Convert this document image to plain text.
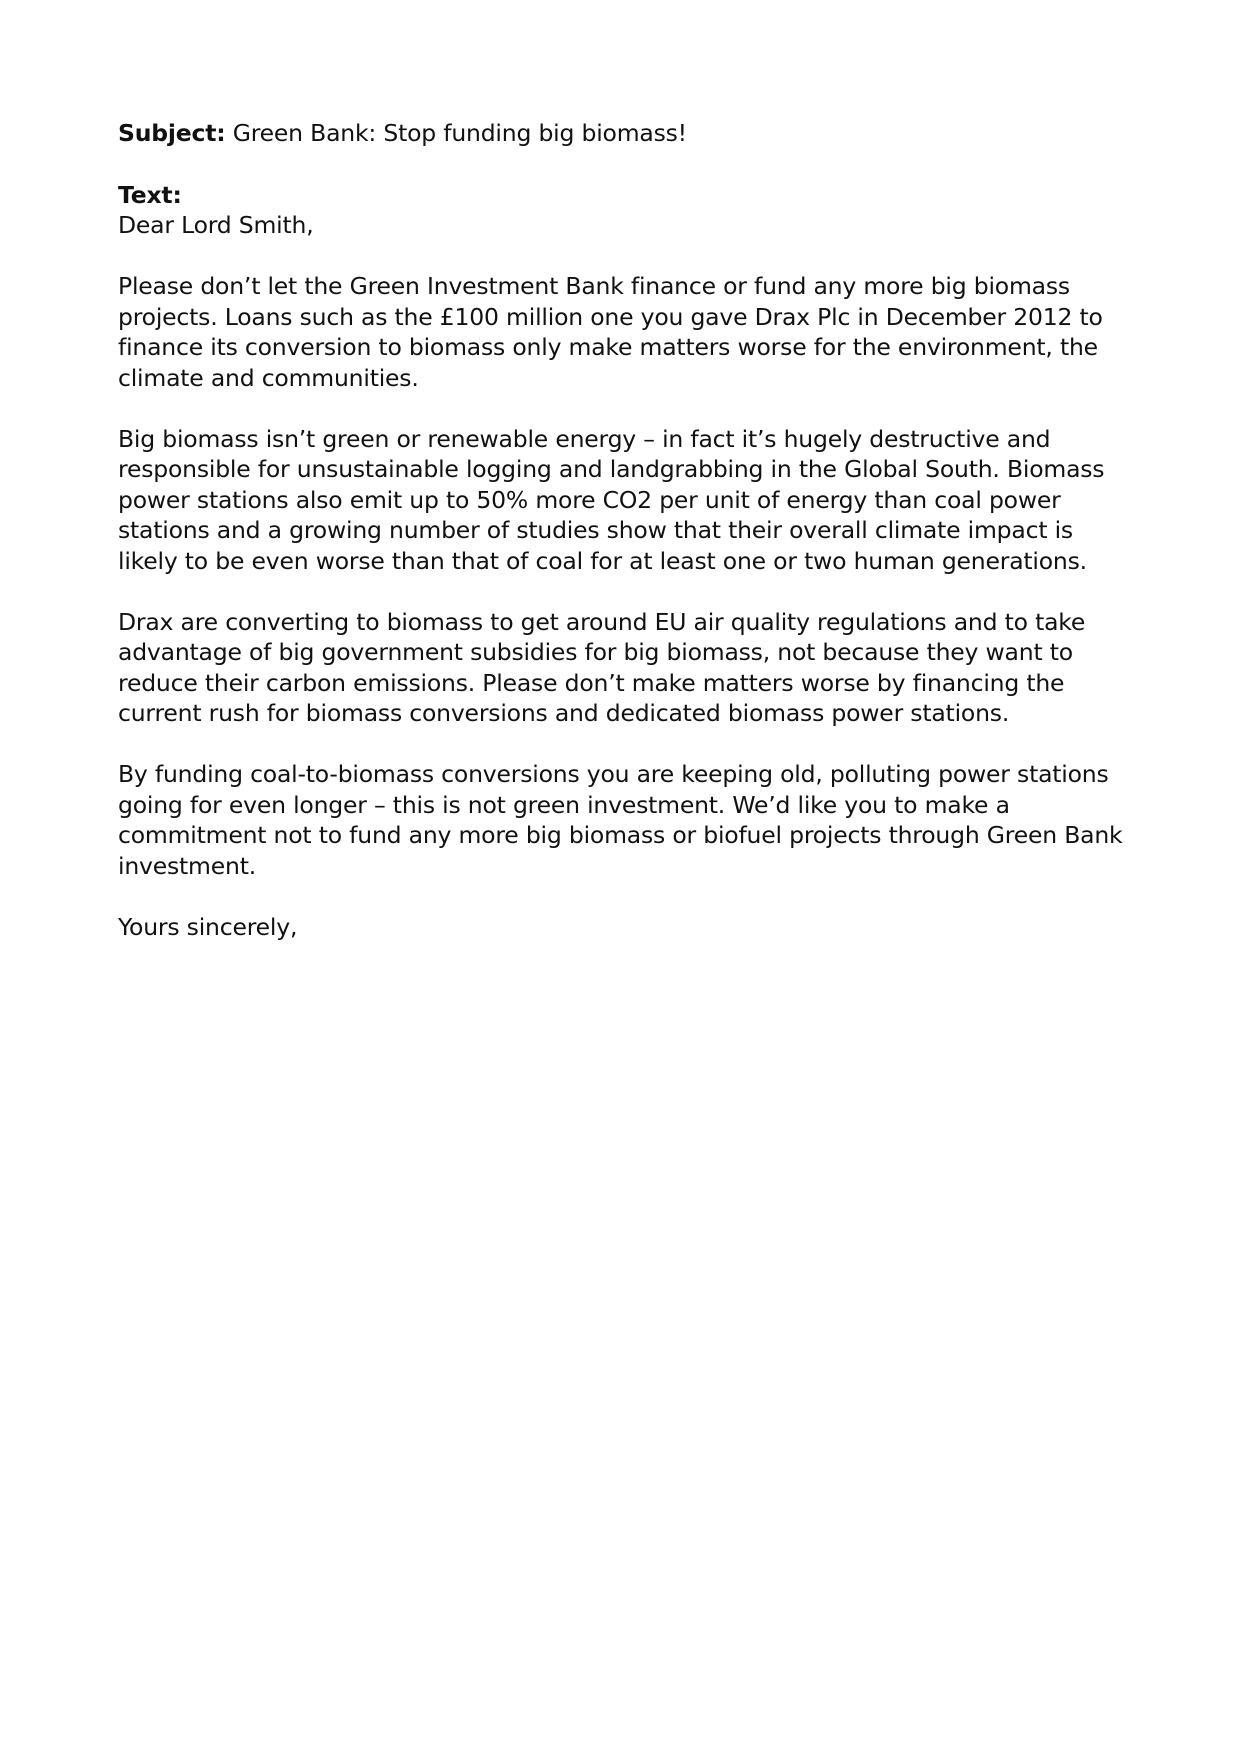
Subject: Green Bank: Stop funding big biomass!

Text:

Dear Lord Smith,

Please don’t let the Green Investment Bank finance or fund any more big biomass projects. Loans such as the £100 million one you gave Drax Plc in December 2012 to finance its conversion to biomass only make matters worse for the environment, the climate and communities.

Big biomass isn’t green or renewable energy – in fact it’s hugely destructive and responsible for unsustainable logging and landgrabbing in the Global South. Biomass power stations also emit up to 50% more CO2 per unit of energy than coal power stations and a growing number of studies show that their overall climate impact is likely to be even worse than that of coal for at least one or two human generations.

Drax are converting to biomass to get around EU air quality regulations and to take advantage of big government subsidies for big biomass, not because they want to reduce their carbon emissions. Please don’t make matters worse by financing the current rush for biomass conversions and dedicated biomass power stations.

By funding coal-to-biomass conversions you are keeping old, polluting power stations going for even longer – this is not green investment. We’d like you to make a commitment not to fund any more big biomass or biofuel projects through Green Bank investment.

Yours sincerely,
